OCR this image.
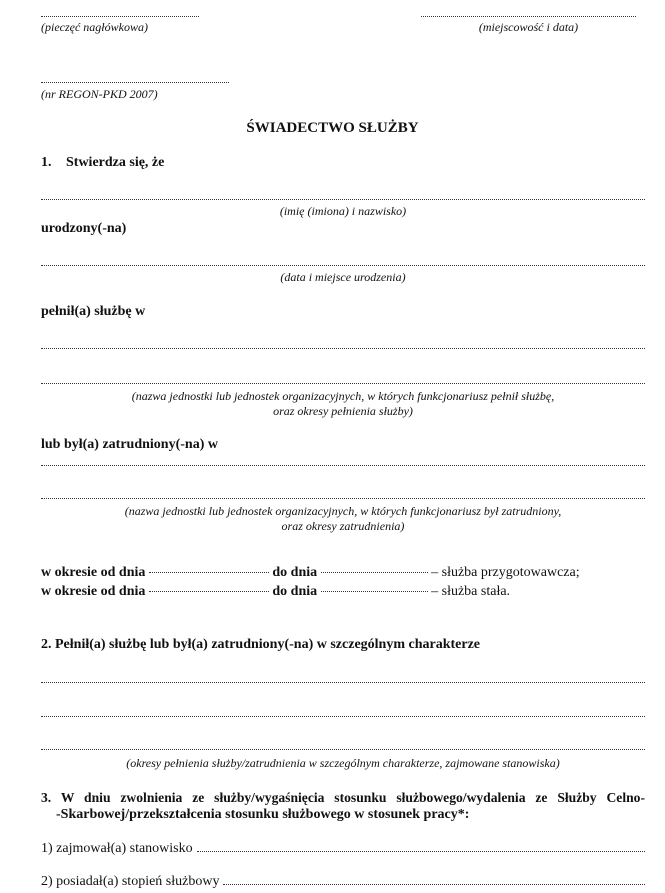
(pieczęć nagłówkowa)	(miejscowość i data)
(nr REGON-PKD 2007)
ŚWIADECTWO SŁUŻBY
1. Stwierdza się, że
(imię (imiona) i nazwisko)
urodzony(-na)
(data i miejsce urodzenia)
pełnił(a) służbę w
(nazwa jednostki lub jednostek organizacyjnych, w których funkcjonariusz pełnił służbę,
oraz okresy pełnienia służby)
lub był(a) zatrudniony(-na) w
(nazwa jednostki lub jednostek organizacyjnych, w których funkcjonariusz był zatrudniony,
oraz okresy zatrudnienia)
w okresie od dnia	do dnia	– służba przygotowawcza;
w okresie od dnia	do dnia	– służba stała.
2. Pełnił(a) służbę lub był(a) zatrudniony(-na) w szczególnym charakterze
(okresy pełnienia służby/zatrudnienia w szczególnym charakterze, zajmowane stanowiska)
3. W dniu zwolnienia ze służby/wygaśnięcia stosunku służbowego/wydalenia ze Służby Celno-
-Skarbowej/przekształcenia stosunku służbowego w stosunek pracy*:
1) zajmował(a) stanowisko
2) posiadał(a) stopień służbowy
